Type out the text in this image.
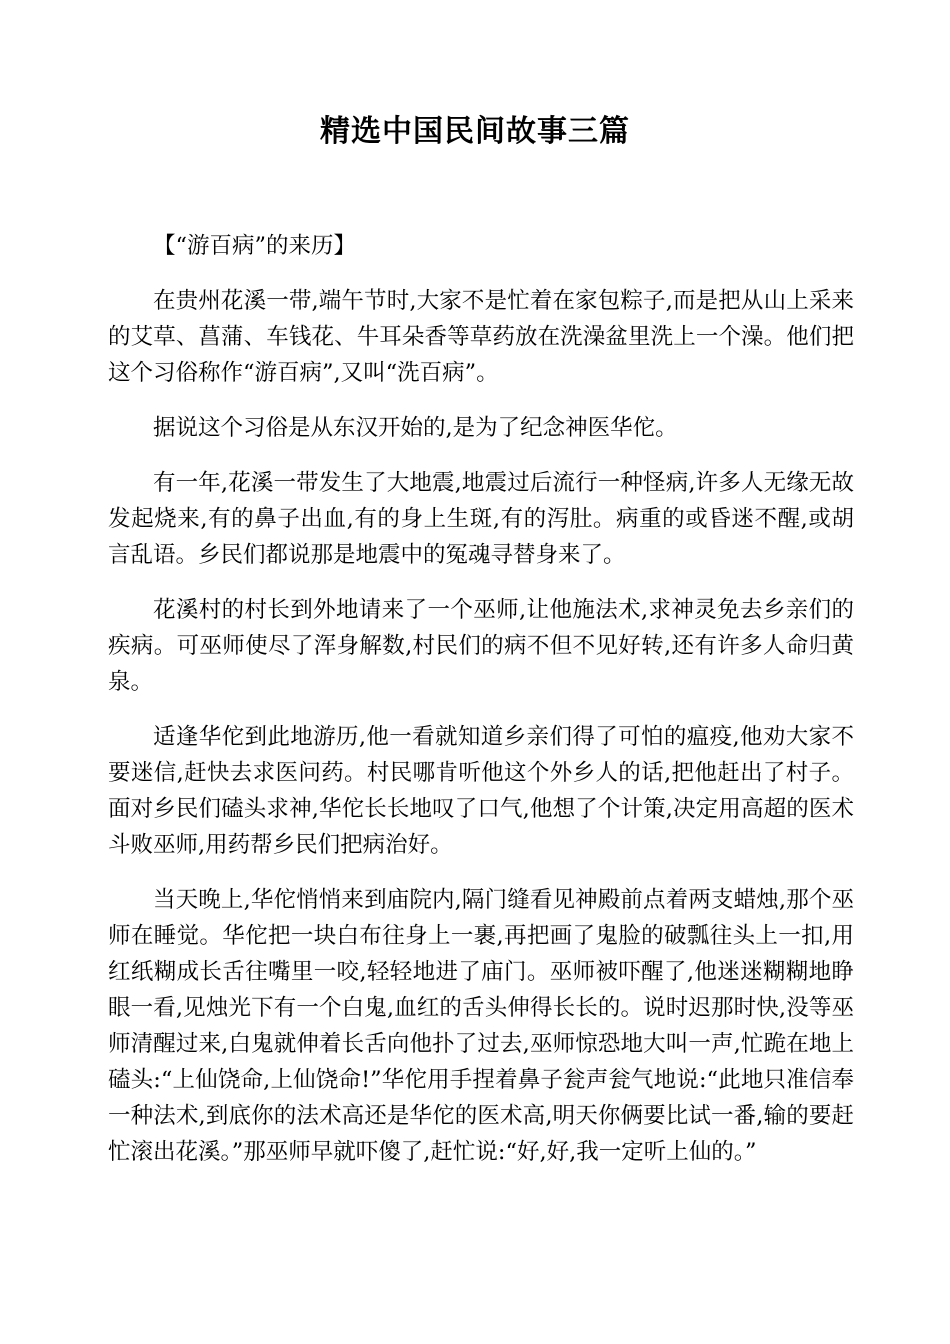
精选中国民间故事三篇

【“游百病”的来历】

在贵州花溪一带,端午节时,大家不是忙着在家包粽子,而是把从山上采来的艾草、菖蒲、车钱花、牛耳朵香等草药放在洗澡盆里洗上一个澡。他们把这个习俗称作“游百病”,又叫“洗百病”。

据说这个习俗是从东汉开始的,是为了纪念神医华佗。

有一年,花溪一带发生了大地震,地震过后流行一种怪病,许多人无缘无故发起烧来,有的鼻子出血,有的身上生斑,有的泻肚。病重的或昏迷不醒,或胡言乱语。乡民们都说那是地震中的冤魂寻替身来了。

花溪村的村长到外地请来了一个巫师,让他施法术,求神灵免去乡亲们的疾病。可巫师使尽了浑身解数,村民们的病不但不见好转,还有许多人命归黄泉。

适逢华佗到此地游历,他一看就知道乡亲们得了可怕的瘟疫,他劝大家不要迷信,赶快去求医问药。村民哪肯听他这个外乡人的话,把他赶出了村子。面对乡民们磕头求神,华佗长长地叹了口气,他想了个计策,决定用高超的医术斗败巫师,用药帮乡民们把病治好。

当天晚上,华佗悄悄来到庙院内,隔门缝看见神殿前点着两支蜡烛,那个巫师在睡觉。华佗把一块白布往身上一裹,再把画了鬼脸的破瓢往头上一扣,用红纸糊成长舌往嘴里一咬,轻轻地进了庙门。巫师被吓醒了,他迷迷糊糊地睁眼一看,见烛光下有一个白鬼,血红的舌头伸得长长的。说时迟那时快,没等巫师清醒过来,白鬼就伸着长舌向他扑了过去,巫师惊恐地大叫一声,忙跪在地上磕头:“上仙饶命,上仙饶命!”华佗用手捏着鼻子瓮声瓮气地说:“此地只准信奉一种法术,到底你的法术高还是华佗的医术高,明天你俩要比试一番,输的要赶忙滚出花溪。”那巫师早就吓傻了,赶忙说:“好,好,我一定听上仙的。”
